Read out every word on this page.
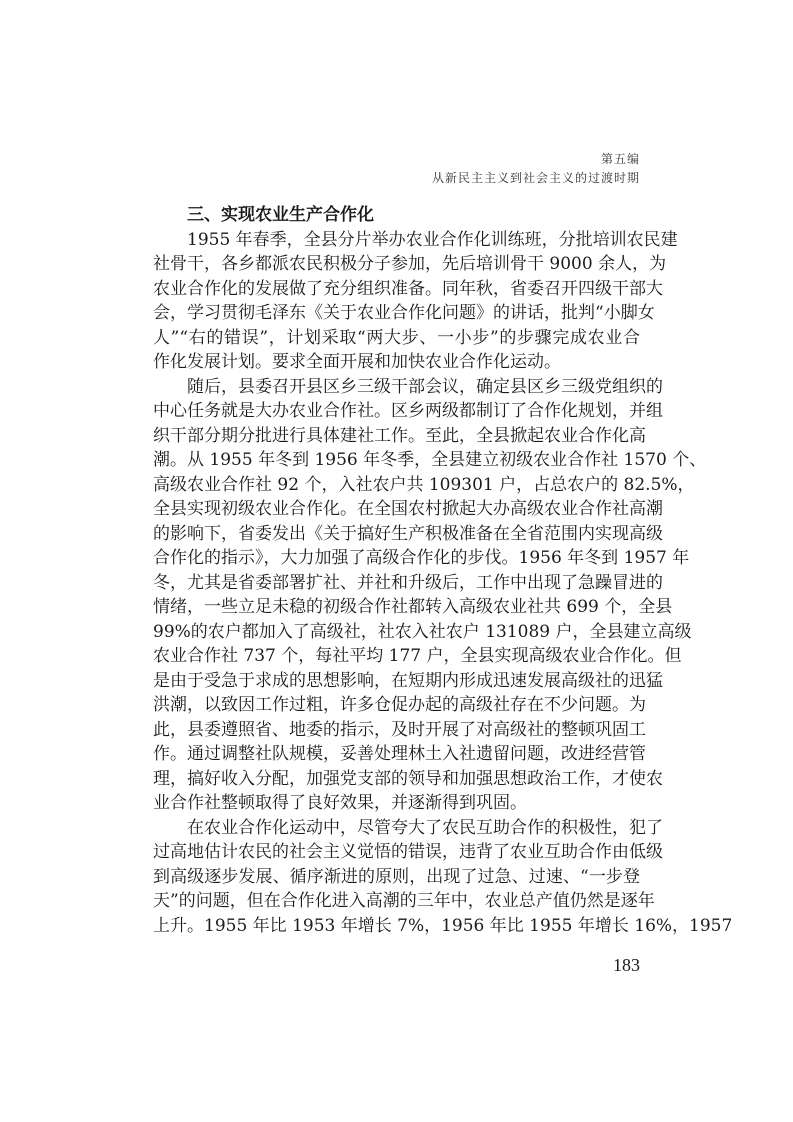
第五编
从新民主主义到社会主义的过渡时期
三、实现农业生产合作化
1955 年春季，全县分片举办农业合作化训练班，分批培训农民建
社骨干，各乡都派农民积极分子参加，先后培训骨干 9000 余人，为
农业合作化的发展做了充分组织准备。同年秋，省委召开四级干部大
会，学习贯彻毛泽东《关于农业合作化问题》的讲话，批判“小脚女
人”“右的错误”，计划采取“两大步、一小步”的步骤完成农业合
作化发展计划。要求全面开展和加快农业合作化运动。
随后，县委召开县区乡三级干部会议，确定县区乡三级党组织的
中心任务就是大办农业合作社。区乡两级都制订了合作化规划，并组
织干部分期分批进行具体建社工作。至此，全县掀起农业合作化高
潮。从 1955 年冬到 1956 年冬季，全县建立初级农业合作社 1570 个、
高级农业合作社 92 个，入社农户共 109301 户，占总农户的 82.5%，
全县实现初级农业合作化。在全国农村掀起大办高级农业合作社高潮
的影响下，省委发出《关于搞好生产积极准备在全省范围内实现高级
合作化的指示》，大力加强了高级合作化的步伐。1956 年冬到 1957 年
冬，尤其是省委部署扩社、并社和升级后，工作中出现了急躁冒进的
情绪，一些立足未稳的初级合作社都转入高级农业社共 699 个，全县
99%的农户都加入了高级社，社农入社农户 131089 户，全县建立高级
农业合作社 737 个，每社平均 177 户，全县实现高级农业合作化。但
是由于受急于求成的思想影响，在短期内形成迅速发展高级社的迅猛
洪潮，以致因工作过粗，许多仓促办起的高级社存在不少问题。为
此，县委遵照省、地委的指示，及时开展了对高级社的整顿巩固工
作。通过调整社队规模，妥善处理林土入社遗留问题，改进经营管
理，搞好收入分配，加强党支部的领导和加强思想政治工作，才使农
业合作社整顿取得了良好效果，并逐渐得到巩固。
在农业合作化运动中，尽管夸大了农民互助合作的积极性，犯了
过高地估计农民的社会主义觉悟的错误，违背了农业互助合作由低级
到高级逐步发展、循序渐进的原则，出现了过急、过速、“一步登
天”的问题，但在合作化进入高潮的三年中，农业总产值仍然是逐年
上升。1955 年比 1953 年增长 7%，1956 年比 1955 年增长 16%，1957
183
